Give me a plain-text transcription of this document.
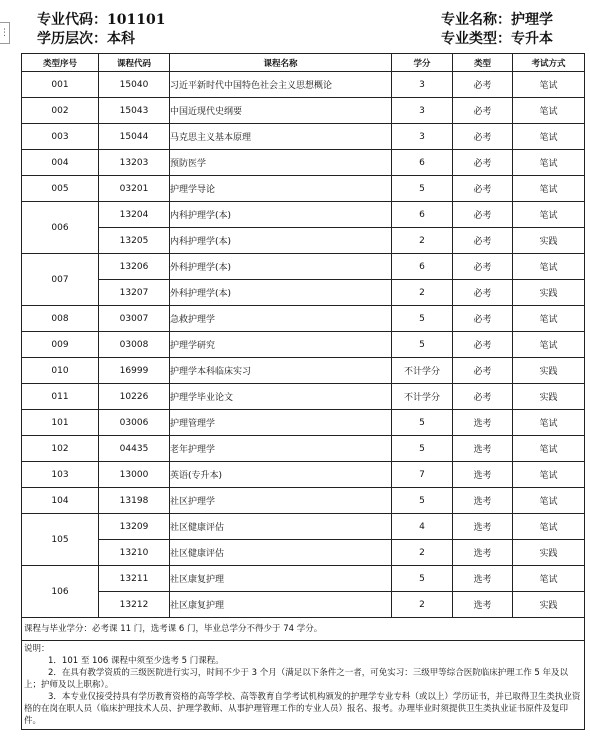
⋮
专业代码：101101
学历层次：本科
专业名称：护理学
专业类型：专升本
类型序号	课程代码	课程名称	学分	类型	考试方式
001	15040	习近平新时代中国特色社会主义思想概论	3	必考	笔试
002	15043	中国近现代史纲要	3	必考	笔试
003	15044	马克思主义基本原理	3	必考	笔试
004	13203	预防医学	6	必考	笔试
005	03201	护理学导论	5	必考	笔试
006	13204	内科护理学(本)	6	必考	笔试
	13205	内科护理学(本)	2	必考	实践
007	13206	外科护理学(本)	6	必考	笔试
	13207	外科护理学(本)	2	必考	实践
008	03007	急救护理学	5	必考	笔试
009	03008	护理学研究	5	必考	笔试
010	16999	护理学本科临床实习	不计学分	必考	实践
011	10226	护理学毕业论文	不计学分	必考	实践
101	03006	护理管理学	5	选考	笔试
102	04435	老年护理学	5	选考	笔试
103	13000	英语(专升本)	7	选考	笔试
104	13198	社区护理学	5	选考	笔试
105	13209	社区健康评估	4	选考	笔试
	13210	社区健康评估	2	选考	实践
106	13211	社区康复护理	5	选考	笔试
	13212	社区康复护理	2	选考	实践
课程与毕业学分：必考课 11 门，选考课 6 门，毕业总学分不得少于 74 学分。					

说明：

1．101 至 106 课程中须至少选考 5 门课程。

2．在具有教学资质的三级医院进行实习，时间不少于 3 个月（满足以下条件之一者，可免实习：三级甲等综合医院临床护理工作 5 年及以上；护师及以上职称）。

3．本专业仅接受持具有学历教育资格的高等学校、高等教育自学考试机构颁发的护理学专业专科（或以上）学历证书，并已取得卫生类执业资格的在岗在职人员（临床护理技术人员、护理学教师、从事护理管理工作的专业人员）报名、报考。办理毕业时须提供卫生类执业证书原件及复印件。					
